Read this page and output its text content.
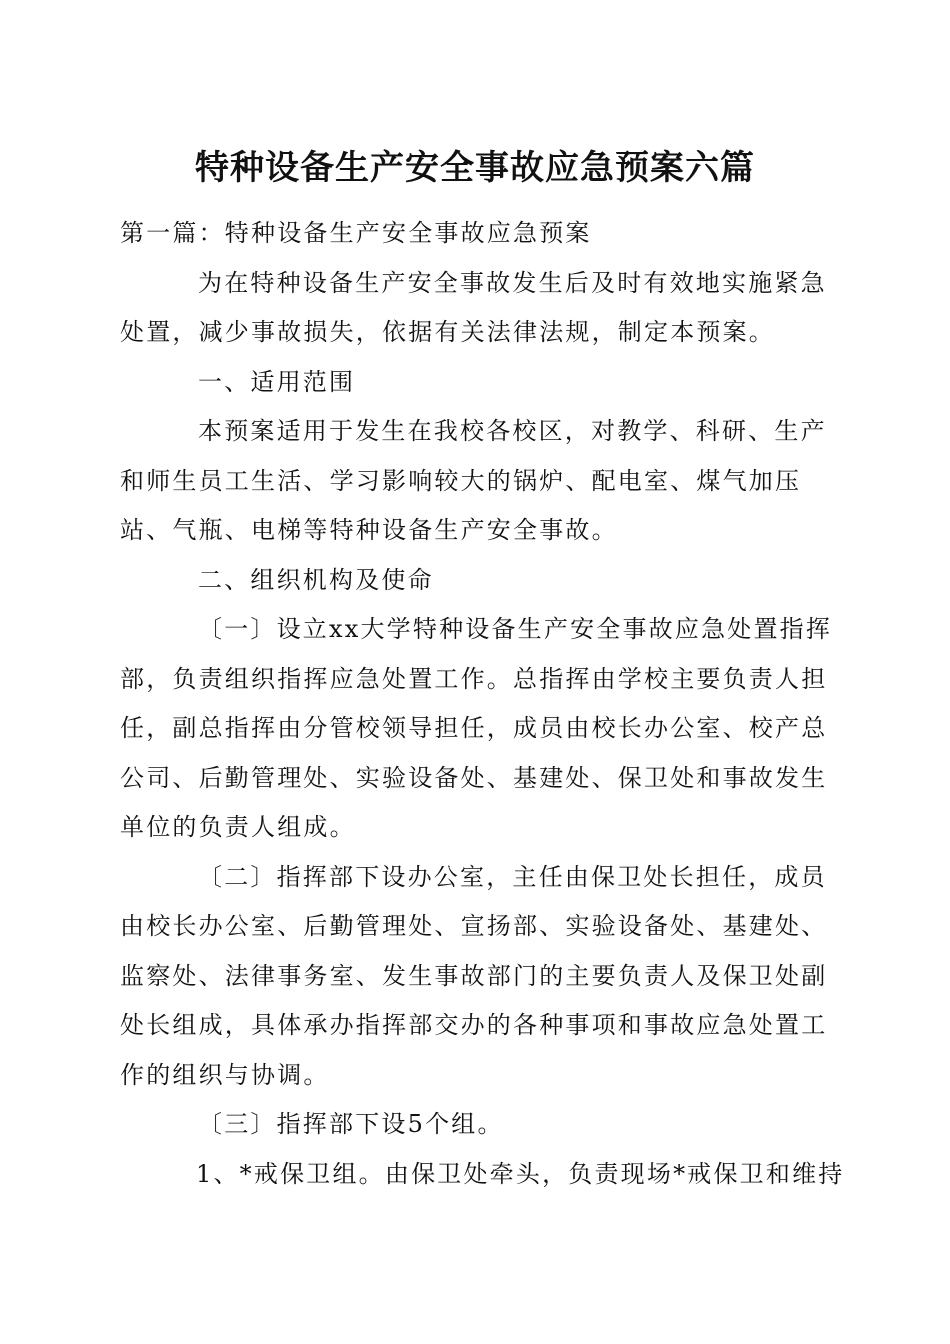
特种设备生产安全事故应急预案六篇

第一篇：特种设备生产安全事故应急预案

为在特种设备生产安全事故发生后及时有效地实施紧急处置，减少事故损失，依据有关法律法规，制定本预案。

一、适用范围

本预案适用于发生在我校各校区，对教学、科研、生产和师生员工生活、学习影响较大的锅炉、配电室、煤气加压站、气瓶、电梯等特种设备生产安全事故。

二、组织机构及使命

〔一〕设立xx大学特种设备生产安全事故应急处置指挥部，负责组织指挥应急处置工作。总指挥由学校主要负责人担任，副总指挥由分管校领导担任，成员由校长办公室、校产总公司、后勤管理处、实验设备处、基建处、保卫处和事故发生单位的负责人组成。

〔二〕指挥部下设办公室，主任由保卫处长担任，成员由校长办公室、后勤管理处、宣扬部、实验设备处、基建处、监察处、法律事务室、发生事故部门的主要负责人及保卫处副处长组成，具体承办指挥部交办的各种事项和事故应急处置工作的组织与协调。

〔三〕指挥部下设5个组。

1、*戒保卫组。由保卫处牵头，负责现场*戒保卫和维持
